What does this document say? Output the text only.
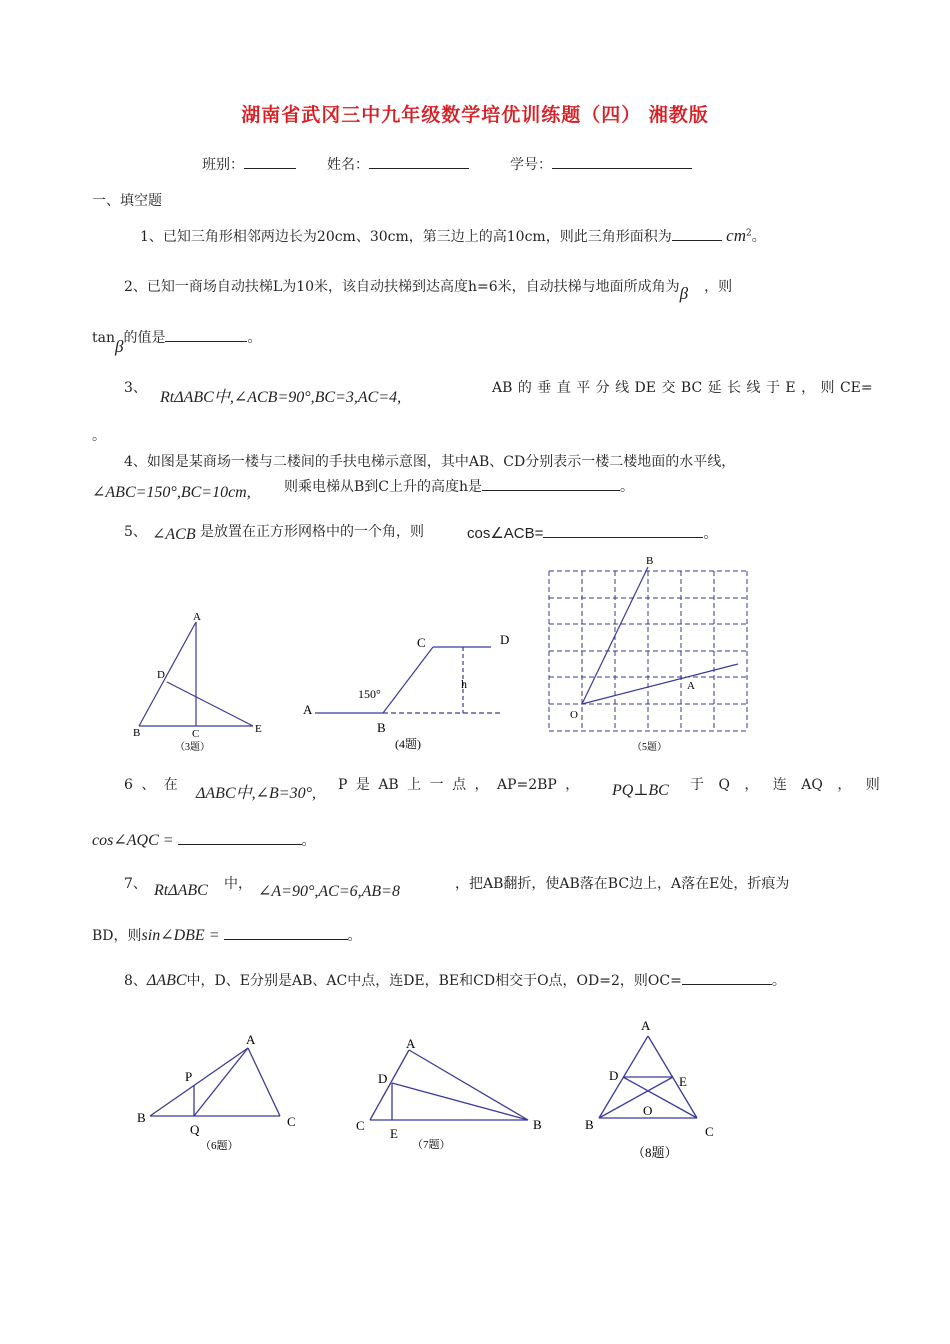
湖南省武冈三中九年级数学培优训练题（四） 湘教版
班别：	姓名：	学号：
一、填空题
1、已知三角形相邻两边长为20cm、30cm，第三边上的高10cm，则此三角形面积为	$cm^2$。
2、已知一商场自动扶梯L为10米，该自动扶梯到达高度h=6米，自动扶梯与地面所成角为β ，则
tanβ的值是	。
3、
RtΔABC中,∠ACB=90°,BC=3,AC=4,
AB 的 垂 直 平 分 线 DE 交 BC 延 长 线 于 E ， 则 CE=
。
4、如图是某商场一楼与二楼间的手扶电梯示意图，其中AB、CD分别表示一楼二楼地面的水平线，
∠ABC=150°,BC=10cm, 则乘电梯从B到C上升的高度h是	。
5、 ∠ACB 是放置在正方形网格中的一个角，则	cos∠ACB=	。
A
D
B	C	E
（3题）
A
B
C	D
h
150°
(4题)
B
A
O
（5题）
6 、 在 ΔABC中,∠B=30°, P 是 AB 上 一 点 ， AP=2BP ， PQ⊥BC 于 Q ， 连 AQ ， 则
cos∠AQC =	。
7、 RtΔABC 中， ∠A=90°,AC=6,AB=8	，把AB翻折，使AB落在BC边上，A落在E处，折痕为
BD，则sin∠DBE =	。
8、ΔABC中，D、E分别是AB、AC中点，连DE，BE和CD相交于O点，OD=2，则OC=	。
A
P
B
Q
C
（6题）
A
D
C
E
B
（7题）
A
D	E
O
B	C
（8题）
